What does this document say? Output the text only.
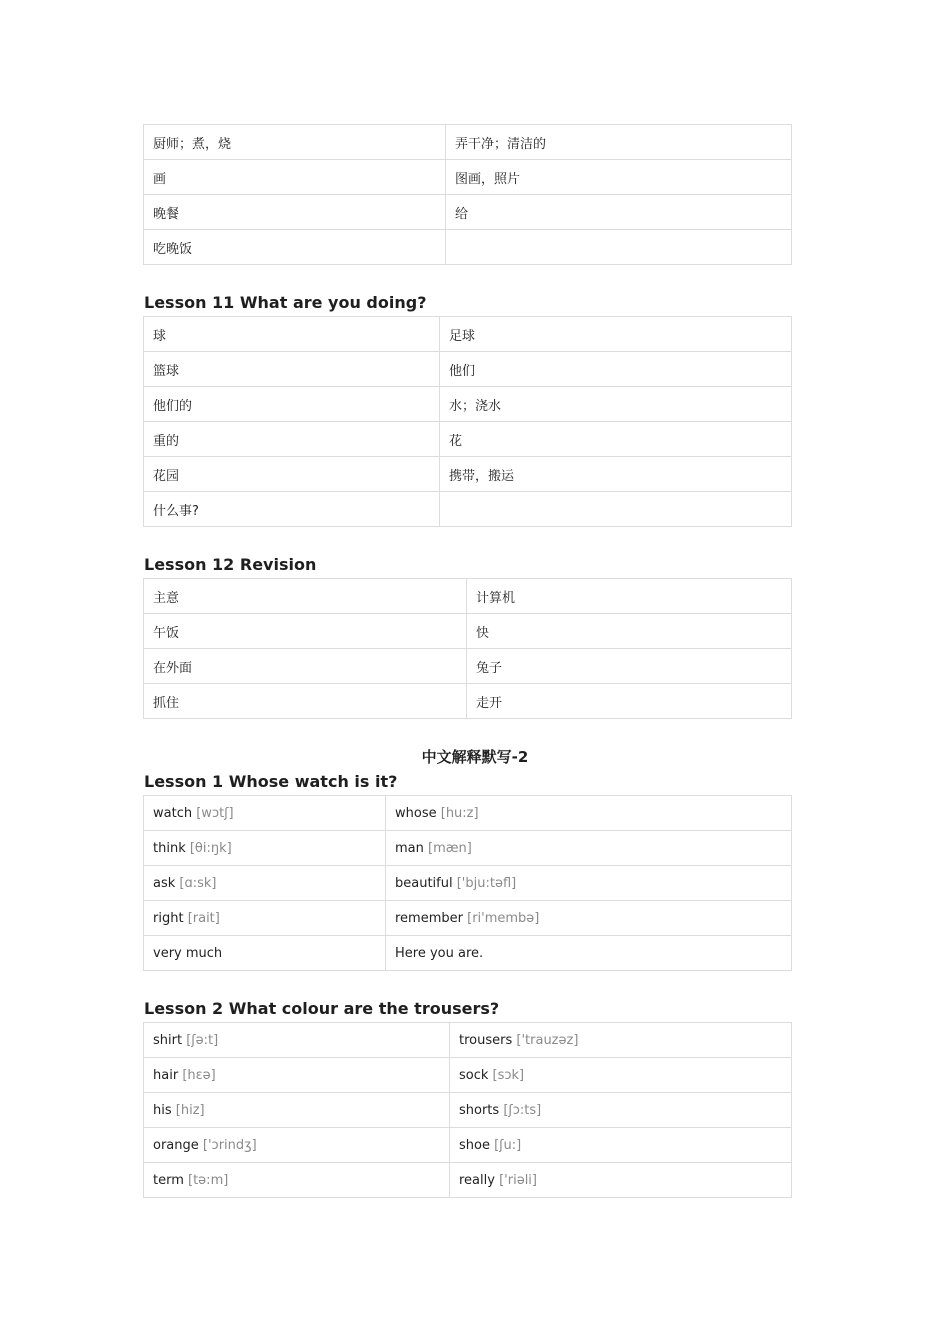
厨师；煮，烧	弄干净；清洁的
画	图画，照片
晚餐	给
吃晚饭	
Lesson 11 What are you doing?
球	足球
篮球	他们
他们的	水；浇水
重的	花
花园	携带，搬运
什么事?	
Lesson 12 Revision
主意	计算机
午饭	快
在外面	兔子
抓住	走开
中文解释默写-2
Lesson 1 Whose watch is it?
watch [wɔtʃ]	whose [hu:z]
think [θi:ŋk]	man [mæn]
ask [ɑ:sk]	beautiful ['bju:təfl]
right [rait]	remember [ri'membə]
very much	Here you are.
Lesson 2 What colour are the trousers?
shirt [ʃə:t]	trousers ['trauzəz]
hair [hɛə]	sock [sɔk]
his [hiz]	shorts [ʃɔ:ts]
orange ['ɔrindʒ]	shoe [ʃu:]
term [tə:m]	really ['riəli]
